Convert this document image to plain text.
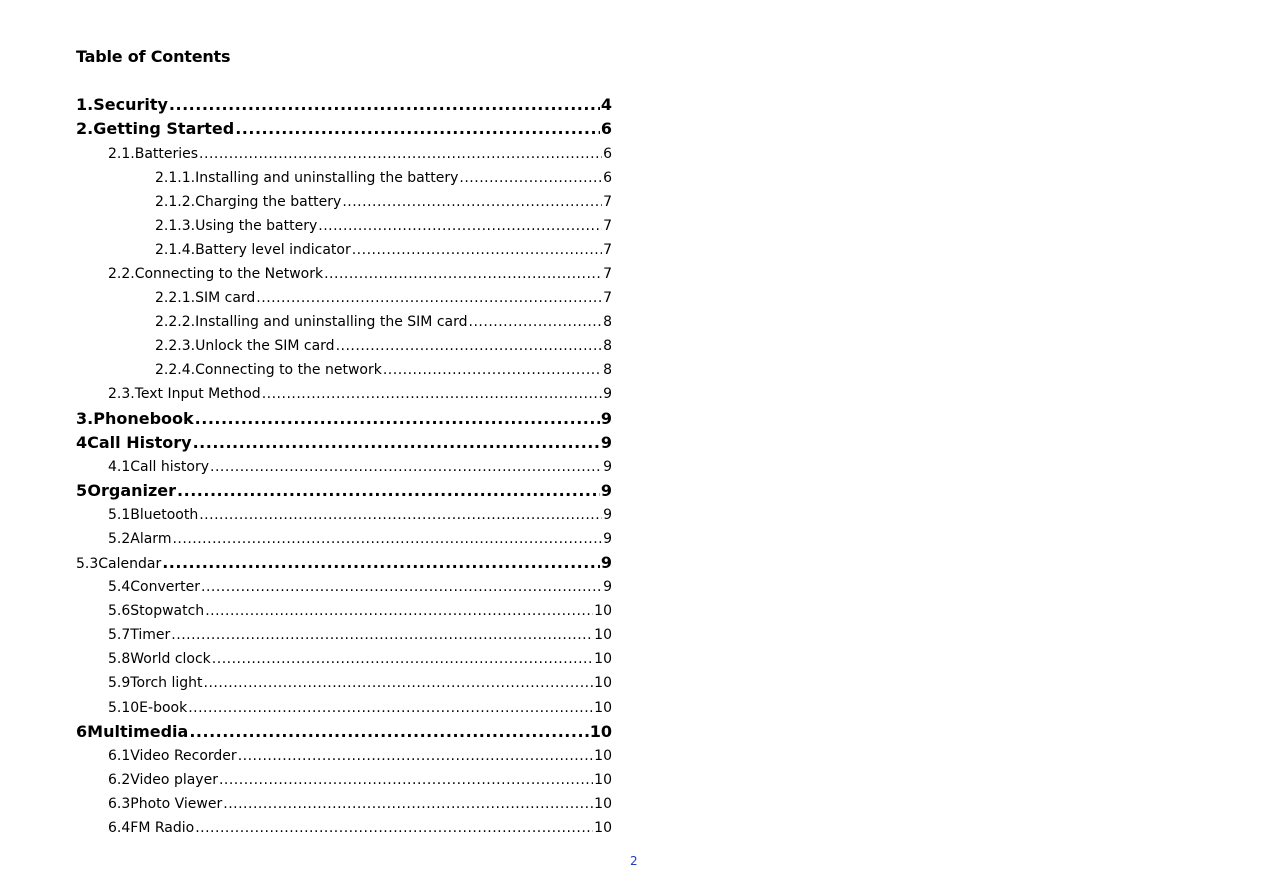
Table of Contents
1. Security .....	4
2. Getting Started .....	6
2.1. Batteries .....	6
2.1.1. Installing and uninstalling the battery .....	6
2.1.2. Charging the battery .....	7
2.1.3. Using the battery .....	7
2.1.4. Battery level indicator .....	7
2.2. Connecting to the Network .....	7
2.2.1. SIM card .....	7
2.2.2. Installing and uninstalling the SIM card .....	8
2.2.3. Unlock the SIM card .....	8
2.2.4. Connecting to the network .....	8
2.3. Text Input Method .....	9
3. Phonebook .....	9
4 Call History .....	9
4.1 Call history .....	9
5 Organizer .....	9
5.1 Bluetooth .....	9
5.2 Alarm .....	9
5.3 Calendar .....	9
5.4 Converter .....	9
5.6 Stopwatch .....	10
5.7 Timer .....	10
5.8 World clock .....	10
5.9 Torch light .....	10
5.10 E-book .....	10
6 Multimedia .....	10
6.1 Video Recorder .....	10
6.2 Video player .....	10
6.3 Photo Viewer .....	10
6.4 FM Radio .....	10
2
